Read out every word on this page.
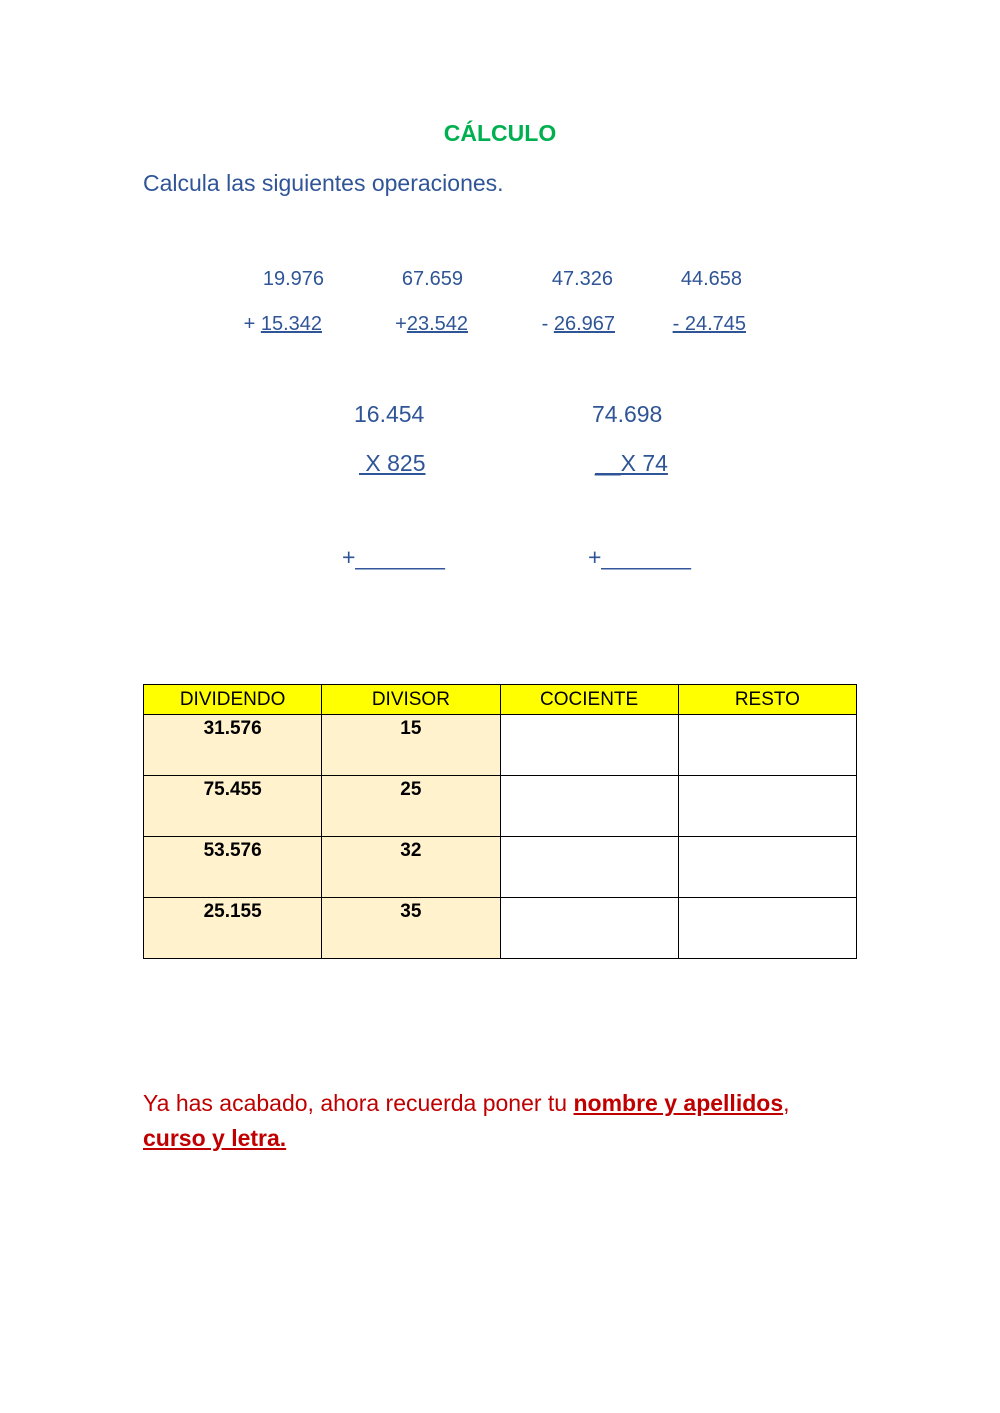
CÁLCULO
Calcula las siguientes operaciones.
19.976
+ 15.342
67.659
+23.542
47.326
- 26.967
44.658
- 24.745
16.454
X 825
+_______
74.698
__X 74
+_______
DIVIDENDO	DIVISOR	COCIENTE	RESTO
31.576	15		
75.455	25		
53.576	32		
25.155	35		
Ya has acabado, ahora recuerda poner tu nombre y apellidos,
curso y letra.
